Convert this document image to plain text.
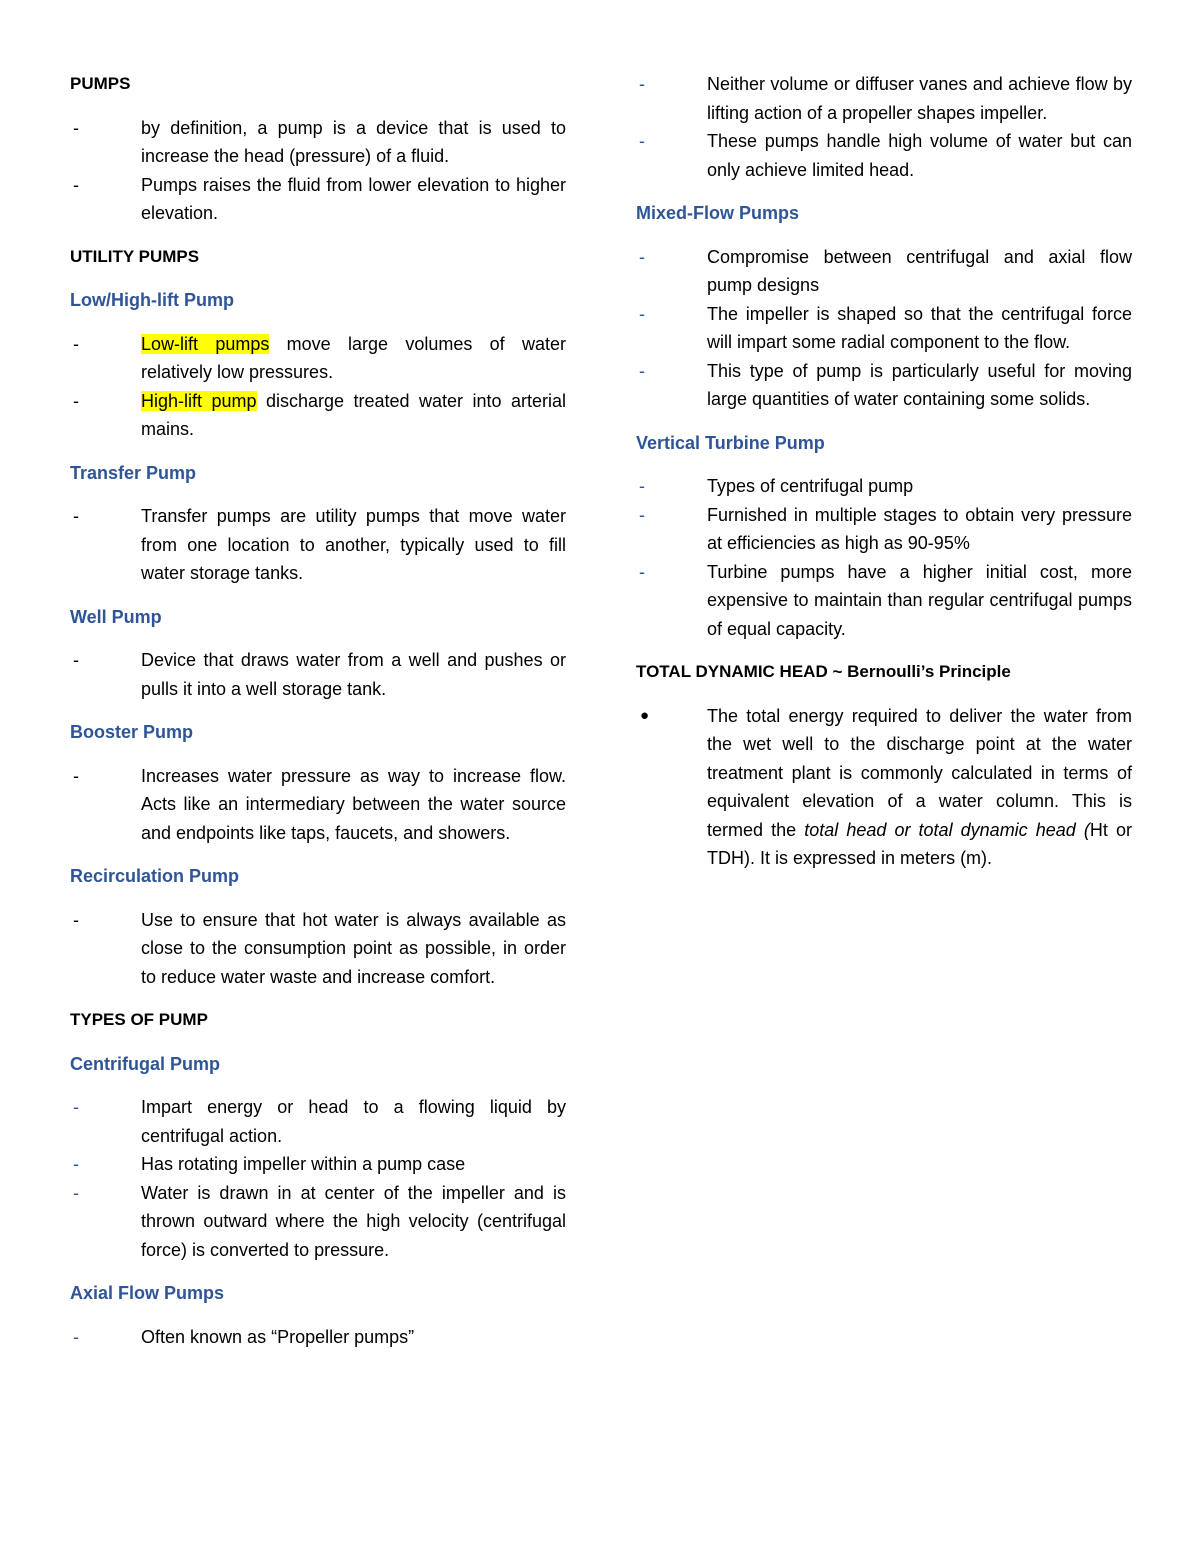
PUMPS
-	by definition, a pump is a device that is used to increase the head (pressure) of a fluid.
-	Pumps raises the fluid from lower elevation to higher elevation.
UTILITY PUMPS
Low/High-lift Pump
-	Low-lift pumps move large volumes of water relatively low pressures.
-	High-lift pump discharge treated water into arterial mains.
Transfer Pump
-	Transfer pumps are utility pumps that move water from one location to another, typically used to fill water storage tanks.
Well Pump
-	Device that draws water from a well and pushes or pulls it into a well storage tank.
Booster Pump
-	Increases water pressure as way to increase flow. Acts like an intermediary between the water source and endpoints like taps, faucets, and showers.
Recirculation Pump
-	Use to ensure that hot water is always available as close to the consumption point as possible, in order to reduce water waste and increase comfort.
TYPES OF PUMP
Centrifugal Pump
-	Impart energy or head to a flowing liquid by centrifugal action.
-	Has rotating impeller within a pump case
-	Water is drawn in at center of the impeller and is thrown outward where the high velocity (centrifugal force) is converted to pressure.
Axial Flow Pumps
-	Often known as “Propeller pumps”
-	Neither volume or diffuser vanes and achieve flow by lifting action of a propeller shapes impeller.
-	These pumps handle high volume of water but can only achieve limited head.
Mixed-Flow Pumps
-	Compromise between centrifugal and axial flow pump designs
-	The impeller is shaped so that the centrifugal force will impart some radial component to the flow.
-	This type of pump is particularly useful for moving large quantities of water containing some solids.
Vertical Turbine Pump
-	Types of centrifugal pump
-	Furnished in multiple stages to obtain very pressure at efficiencies as high as 90-95%
-	Turbine pumps have a higher initial cost, more expensive to maintain than regular centrifugal pumps of equal capacity.
TOTAL DYNAMIC HEAD ~ Bernoulli’s Principle
●	The total energy required to deliver the water from the wet well to the discharge point at the water treatment plant is commonly calculated in terms of equivalent elevation of a water column. This is termed the total head or total dynamic head (Ht or TDH). It is expressed in meters (m).
